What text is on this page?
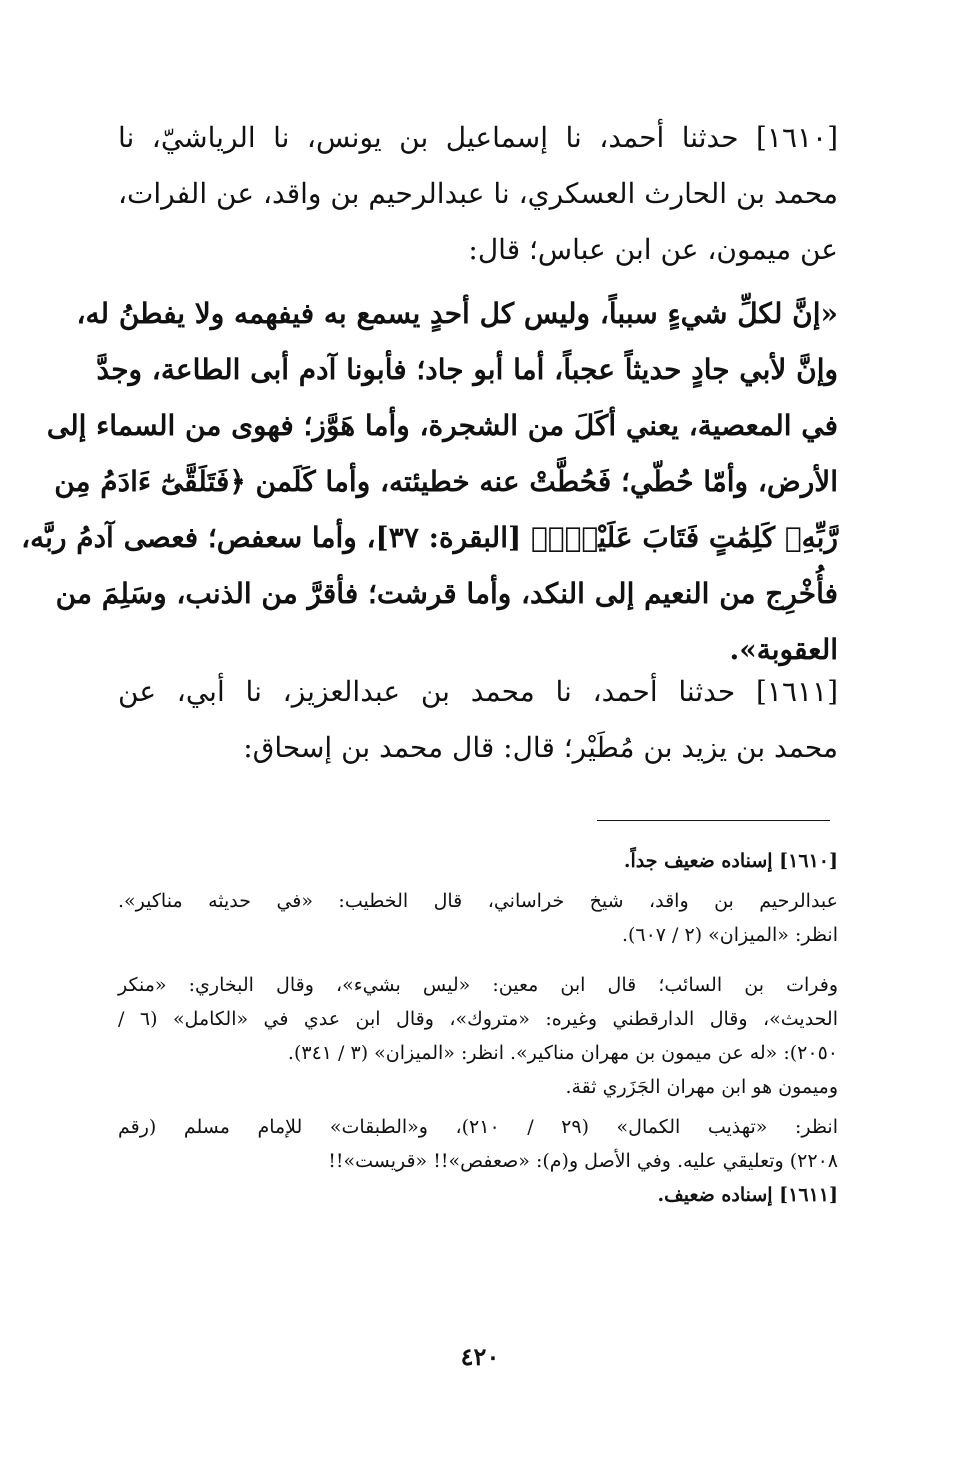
[١٦١٠] حدثنا أحمد، نا إسماعيل بن يونس، نا الرياشيّ، نا
محمد بن الحارث العسكري، نا عبدالرحيم بن واقد، عن الفرات،
عن ميمون، عن ابن عباس؛ قال:
«إنَّ لكلِّ شيءٍ سبباً، وليس كل أحدٍ يسمع به فيفهمه ولا يفطنُ له،
وإنَّ لأبي جادٍ حديثاً عجباً، أما أبو جاد؛ فأبونا آدم أبى الطاعة، وجدَّ
في المعصية، يعني أكَلَ من الشجرة، وأما هَوَّز؛ فهوى من السماء إلى
الأرض، وأمّا حُطّي؛ فَحُطَّتْ عنه خطيئته، وأما كَلَمن ﴿فَتَلَقَّىٰٓ ءَادَمُ مِن
رَّبِّهِۦ كَلِمَٰتٍ فَتَابَ عَلَيْهِۚ﴾ [البقرة: ٣٧]، وأما سعفص؛ فعصى آدمُ ربَّه،
فأُخْرِج من النعيم إلى النكد، وأما قرشت؛ فأقرَّ من الذنب، وسَلِمَ من
العقوبة».
[١٦١١] حدثنا أحمد، نا محمد بن عبدالعزيز، نا أبي، عن
محمد بن يزيد بن مُطَيْر؛ قال: قال محمد بن إسحاق:
[١٦١٠] إسناده ضعيف جداً.
عبدالرحيم بن واقد، شيخ خراساني، قال الخطيب: «في حديثه مناكير».
انظر: «الميزان» (٢ / ٦٠٧).
وفرات بن السائب؛ قال ابن معين: «ليس بشيء»، وقال البخاري: «منكر
الحديث»، وقال الدارقطني وغيره: «متروك»، وقال ابن عدي في «الكامل» (٦ /
٢٠٥٠): «له عن ميمون بن مهران مناكير». انظر: «الميزان» (٣ / ٣٤١).
وميمون هو ابن مهران الجَزَري ثقة.
انظر: «تهذيب الكمال» (٢٩ / ٢١٠)، و«الطبقات» للإمام مسلم (رقم
٢٢٠٨) وتعليقي عليه. وفي الأصل و(م): «صعفص»!! «قريست»!!
[١٦١١] إسناده ضعيف.
٤٢٠
